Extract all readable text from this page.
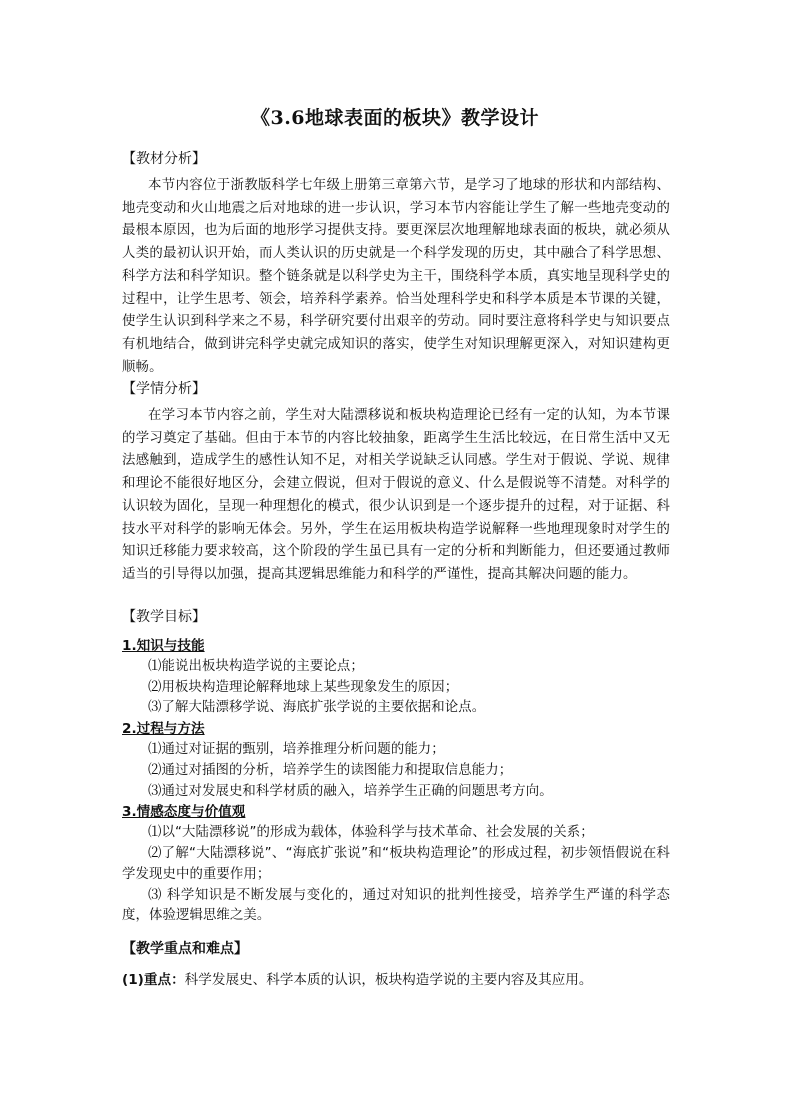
《3.6地球表面的板块》教学设计
【教材分析】
本节内容位于浙教版科学七年级上册第三章第六节，是学习了地球的形状和内部结构、地壳变动和火山地震之后对地球的进一步认识，学习本节内容能让学生了解一些地壳变动的最根本原因，也为后面的地形学习提供支持。要更深层次地理解地球表面的板块，就必须从人类的最初认识开始，而人类认识的历史就是一个科学发现的历史，其中融合了科学思想、科学方法和科学知识。整个链条就是以科学史为主干，围绕科学本质，真实地呈现科学史的过程中，让学生思考、领会，培养科学素养。恰当处理科学史和科学本质是本节课的关键，使学生认识到科学来之不易，科学研究要付出艰辛的劳动。同时要注意将科学史与知识要点有机地结合，做到讲完科学史就完成知识的落实，使学生对知识理解更深入，对知识建构更顺畅。
【学情分析】
在学习本节内容之前，学生对大陆漂移说和板块构造理论已经有一定的认知，为本节课的学习奠定了基础。但由于本节的内容比较抽象，距离学生生活比较远，在日常生活中又无法感触到，造成学生的感性认知不足，对相关学说缺乏认同感。学生对于假说、学说、规律和理论不能很好地区分，会建立假说，但对于假说的意义、什么是假说等不清楚。对科学的认识较为固化，呈现一种理想化的模式，很少认识到是一个逐步提升的过程，对于证据、科技水平对科学的影响无体会。另外，学生在运用板块构造学说解释一些地理现象时对学生的知识迁移能力要求较高，这个阶段的学生虽已具有一定的分析和判断能力，但还要通过教师适当的引导得以加强，提高其逻辑思维能力和科学的严谨性，提高其解决问题的能力。
【教学目标】
1.知识与技能
⑴能说出板块构造学说的主要论点；
⑵用板块构造理论解释地球上某些现象发生的原因；
⑶了解大陆漂移学说、海底扩张学说的主要依据和论点。
2.过程与方法
⑴通过对证据的甄别，培养推理分析问题的能力；
⑵通过对插图的分析，培养学生的读图能力和提取信息能力；
⑶通过对发展史和科学材质的融入，培养学生正确的问题思考方向。
3.情感态度与价值观
⑴以“大陆漂移说”的形成为载体，体验科学与技术革命、社会发展的关系；
⑵了解“大陆漂移说”、“海底扩张说”和“板块构造理论”的形成过程，初步领悟假说在科学发现史中的重要作用；
⑶ 科学知识是不断发展与变化的，通过对知识的批判性接受，培养学生严谨的科学态度，体验逻辑思维之美。
【教学重点和难点】
(1)重点：科学发展史、科学本质的认识，板块构造学说的主要内容及其应用。
